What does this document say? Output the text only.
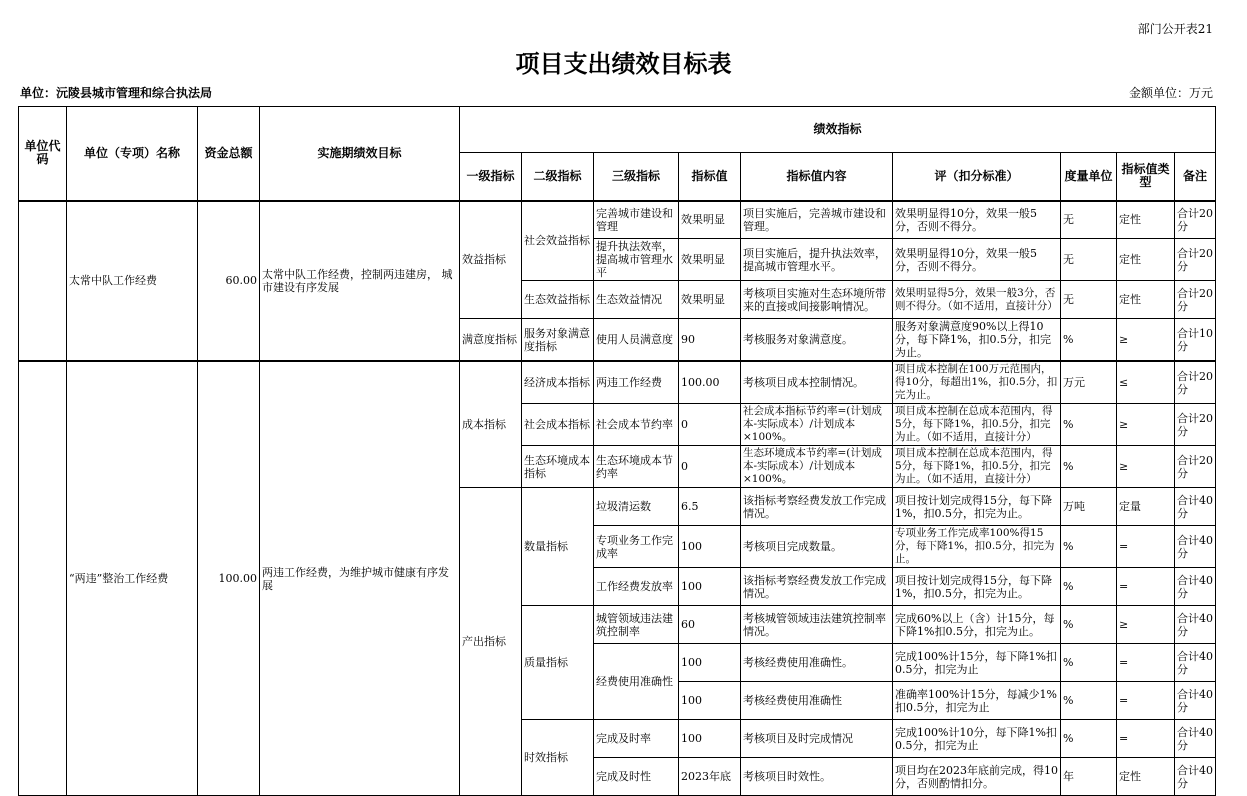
部门公开表21
项目支出绩效目标表
单位：沅陵县城市管理和综合执法局	金额单位：万元
单位代码	单位（专项）名称	资金总额	实施期绩效目标	绩效指标								
				一级指标	二级指标	三级指标	指标值	指标值内容	评（扣分标准）	度量单位	指标值类型	备注
	太常中队工作经费	60.00	太常中队工作经费，控制两违建房， 城市建设有序发展	效益指标	社会效益指标	完善城市建设和管理	效果明显	项目实施后，完善城市建设和管理。	效果明显得10分，效果一般5分，否则不得分。	无	定性	合计20分
						提升执法效率，提高城市管理水平	效果明显	项目实施后，提升执法效率，提高城市管理水平。	效果明显得10分，效果一般5分，否则不得分。	无	定性	合计20分
					生态效益指标	生态效益情况	效果明显	考核项目实施对生态环境所带来的直接或间接影响情况。	效果明显得5分，效果一般3分，否则不得分。（如不适用，直接计分）	无	定性	合计20分
				满意度指标	服务对象满意度指标	使用人员满意度	90	考核服务对象满意度。	服务对象满意度90%以上得10分，每下降1%，扣0.5分，扣完为止。	%	≥	合计10分
	“两违”整治工作经费	100.00	两违工作经费，为维护城市健康有序发展	成本指标	经济成本指标	两违工作经费	100.00	考核项目成本控制情况。	项目成本控制在100万元范围内，得10分，每超出1%，扣0.5分，扣完为止。	万元	≤	合计20分
					社会成本指标	社会成本节约率	0	社会成本指标节约率=(计划成本-实际成本）/计划成本×100%。	项目成本控制在总成本范围内，得5分，每下降1%，扣0.5分，扣完为止。（如不适用，直接计分）	%	≥	合计20分
					生态环境成本指标	生态环境成本节约率	0	生态环境成本节约率=(计划成本-实际成本）/计划成本×100%。	项目成本控制在总成本范围内，得5分，每下降1%，扣0.5分，扣完为止。（如不适用，直接计分）	%	≥	合计20分
				产出指标	数量指标	垃圾清运数	6.5	该指标考察经费发放工作完成情况。	项目按计划完成得15分，每下降1%，扣0.5分，扣完为止。	万吨	定量	合计40分
						专项业务工作完成率	100	考核项目完成数量。	专项业务工作完成率100%得15分，每下降1%，扣0.5分，扣完为止。	%	=	合计40分
						工作经费发放率	100	该指标考察经费发放工作完成情况。	项目按计划完成得15分，每下降1%，扣0.5分，扣完为止。	%	=	合计40分
					质量指标	城管领域违法建筑控制率	60	考核城管领域违法建筑控制率情况。	完成60%以上（含）计15分，每下降1%扣0.5分，扣完为止。	%	≥	合计40分
						经费使用准确性	100	考核经费使用准确性。	完成100%计15分，每下降1%扣0.5分，扣完为止	%	=	合计40分
							100	考核经费使用准确性	准确率100%计15分，每减少1%扣0.5分，扣完为止	%	=	合计40分
					时效指标	完成及时率	100	考核项目及时完成情况	完成100%计10分，每下降1%扣0.5分，扣完为止	%	=	合计40分
						完成及时性	2023年底	考核项目时效性。	项目均在2023年底前完成，得10分，否则酌情扣分。	年	定性	合计40分
